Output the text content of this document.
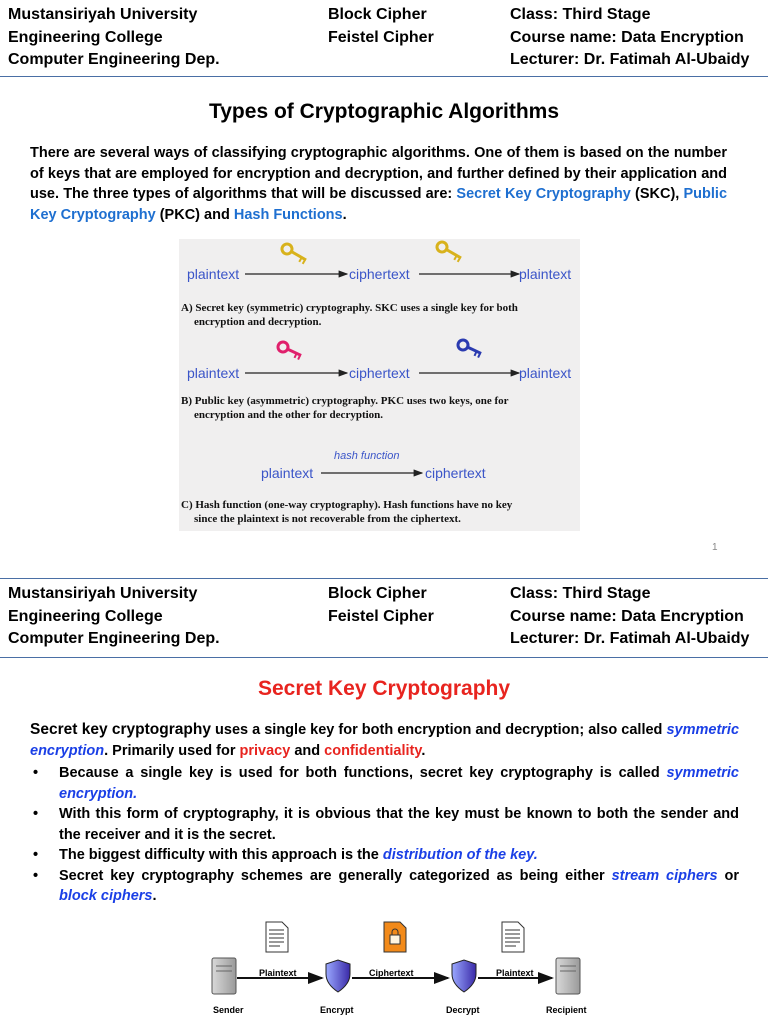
Mustansiriyah University
Engineering College
Computer Engineering Dep.
Block Cipher
Feistel Cipher
Class: Third Stage
Course name: Data Encryption
Lecturer: Dr. Fatimah Al-Ubaidy
Types of Cryptographic Algorithms
There are several ways of classifying cryptographic algorithms. One of them is based on the number of keys that are employed for encryption and decryption, and further defined by their application and use. The three types of algorithms that will be discussed are: Secret Key Cryptography (SKC), Public Key Cryptography (PKC) and Hash Functions.
plaintext	ciphertext	plaintext
plaintext	ciphertext	plaintext
hash function
plaintext	ciphertext
A) Secret key (symmetric) cryptography. SKC uses a single key for both
encryption and decryption.
B) Public key (asymmetric) cryptography. PKC uses two keys, one for
encryption and the other for decryption.
C) Hash function (one-way cryptography). Hash functions have no key
since the plaintext is not recoverable from the ciphertext.
1
Mustansiriyah University
Engineering College
Computer Engineering Dep.
Block Cipher
Feistel Cipher
Class: Third Stage
Course name: Data Encryption
Lecturer: Dr. Fatimah Al-Ubaidy
Secret Key Cryptography
Secret key cryptography uses a single key for both encryption and decryption; also called symmetric encryption. Primarily used for privacy and confidentiality.
• Because a single key is used for both functions, secret key cryptography is called symmetric encryption.
• With this form of cryptography, it is obvious that the key must be known to both the sender and the receiver and it is the secret.
• The biggest difficulty with this approach is the distribution of the key.
• Secret key cryptography schemes are generally categorized as being either stream ciphers or block ciphers.
Sender
Plaintext
Encrypt
Ciphertext
Decrypt
Plaintext
Recipient
